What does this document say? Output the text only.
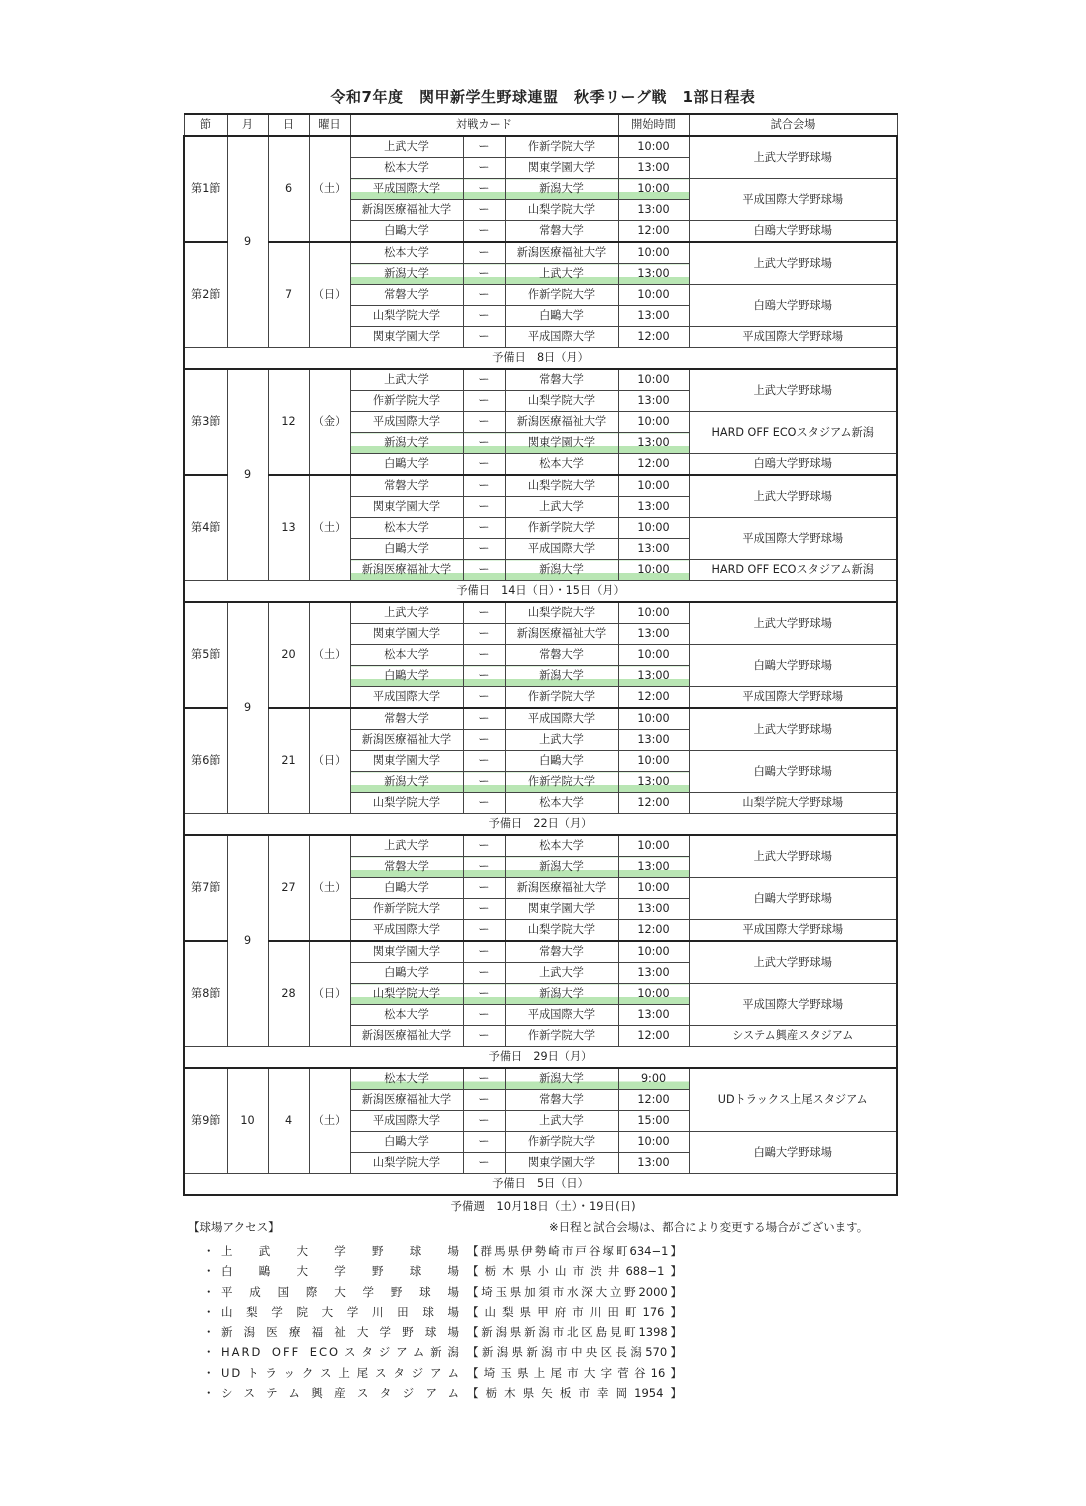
令和7年度　関甲新学生野球連盟　秋季リーグ戦　1部日程表
節	月	日	曜日	対戦カード			開始時間	試合会場
第1節	9	6	（土）	上武大学	ー	作新学院大学	10:00	上武大学野球場
				松本大学	ー	関東学園大学	13:00	
				平成国際大学	ー	新潟大学	10:00	平成国際大学野球場
				新潟医療福祉大学	ー	山梨学院大学	13:00	
				白鷗大学	ー	常磐大学	12:00	白鴎大学野球場
第2節		7	（日）	松本大学	ー	新潟医療福祉大学	10:00	上武大学野球場
				新潟大学	ー	上武大学	13:00	
				常磐大学	ー	作新学院大学	10:00	白鴎大学野球場
				山梨学院大学	ー	白鷗大学	13:00	
				関東学園大学	ー	平成国際大学	12:00	平成国際大学野球場
予備日　8日（月）								
第3節	9	12	（金）	上武大学	ー	常磐大学	10:00	上武大学野球場
				作新学院大学	ー	山梨学院大学	13:00	
				平成国際大学	ー	新潟医療福祉大学	10:00	HARD OFF ECOスタジアム新潟
				新潟大学	ー	関東学園大学	13:00	
				白鷗大学	ー	松本大学	12:00	白鴎大学野球場
第4節		13	（土）	常磐大学	ー	山梨学院大学	10:00	上武大学野球場
				関東学園大学	ー	上武大学	13:00	
				松本大学	ー	作新学院大学	10:00	平成国際大学野球場
				白鷗大学	ー	平成国際大学	13:00	
				新潟医療福祉大学	ー	新潟大学	10:00	HARD OFF ECOスタジアム新潟
予備日　14日（日）・15日（月）								
第5節	9	20	（土）	上武大学	ー	山梨学院大学	10:00	上武大学野球場
				関東学園大学	ー	新潟医療福祉大学	13:00	
				松本大学	ー	常磐大学	10:00	白鷗大学野球場
				白鷗大学	ー	新潟大学	13:00	
				平成国際大学	ー	作新学院大学	12:00	平成国際大学野球場
第6節		21	（日）	常磐大学	ー	平成国際大学	10:00	上武大学野球場
				新潟医療福祉大学	ー	上武大学	13:00	
				関東学園大学	ー	白鷗大学	10:00	白鷗大学野球場
				新潟大学	ー	作新学院大学	13:00	
				山梨学院大学	ー	松本大学	12:00	山梨学院大学野球場
予備日　22日（月）								
第7節	9	27	（土）	上武大学	ー	松本大学	10:00	上武大学野球場
				常磐大学	ー	新潟大学	13:00	
				白鷗大学	ー	新潟医療福祉大学	10:00	白鷗大学野球場
				作新学院大学	ー	関東学園大学	13:00	
				平成国際大学	ー	山梨学院大学	12:00	平成国際大学野球場
第8節		28	（日）	関東学園大学	ー	常磐大学	10:00	上武大学野球場
				白鷗大学	ー	上武大学	13:00	
				山梨学院大学	ー	新潟大学	10:00	平成国際大学野球場
				松本大学	ー	平成国際大学	13:00	
				新潟医療福祉大学	ー	作新学院大学	12:00	システム興産スタジアム
予備日　29日（月）								
第9節	10	4	（土）	松本大学	ー	新潟大学	9:00	UDトラックス上尾スタジアム
				新潟医療福祉大学	ー	常磐大学	12:00	
				平成国際大学	ー	上武大学	15:00	
				白鷗大学	ー	作新学院大学	10:00	白鷗大学野球場
				山梨学院大学	ー	関東学園大学	13:00	
予備日　5日（日）								
予備週　10月18日（土）・19日(日)
【球場アクセス】	※日程と試合会場は、都合により変更する場合がございます。
・ 上武大学野球場 【群馬県伊勢崎市戸谷塚町634−1】
・ 白鷗大学野球場 【栃木県小山市渋井688−1】
・ 平成国際大学野球場 【埼玉県加須市水深大立野2000】
・ 山梨学院大学川田球場 【山梨県甲府市川田町176】
・ 新潟医療福祉大学野球場 【新潟県新潟市北区島見町1398】
・ HARD OFF ECOスタジアム新潟 【新潟県新潟市中央区長潟570】
・ UDトラックス上尾スタジアム 【埼玉県上尾市大字菅谷16】
・ システム興産スタジアム 【栃木県矢板市幸岡1954】
